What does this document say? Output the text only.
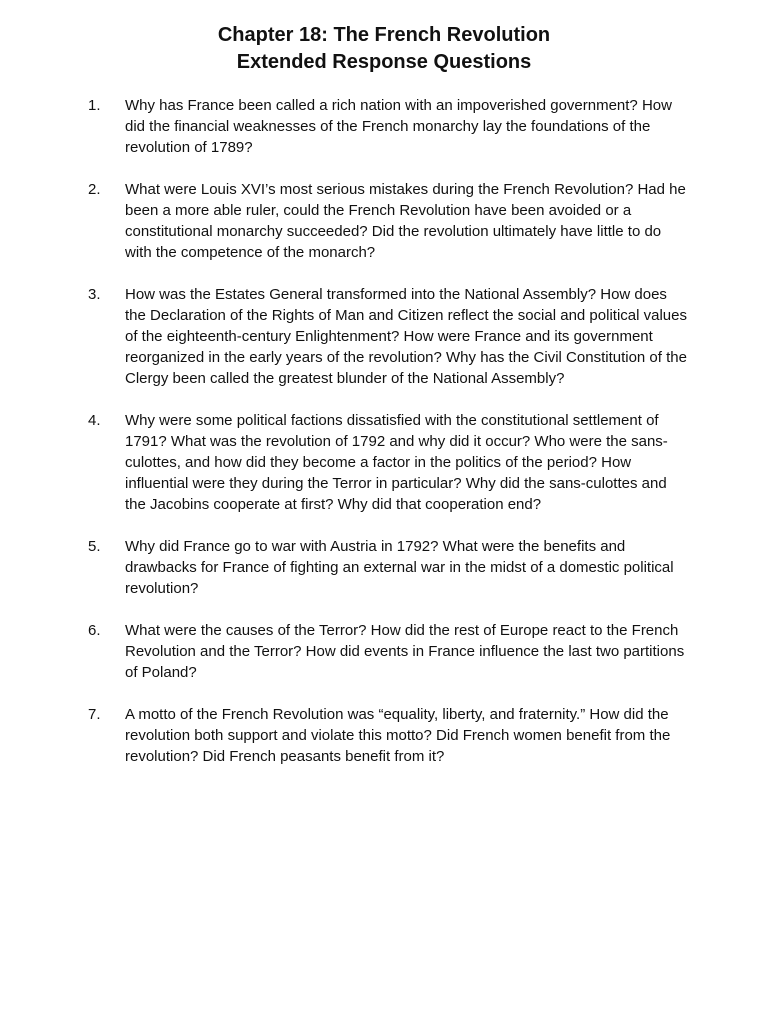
Chapter 18: The French Revolution
Extended Response Questions
1. Why has France been called a rich nation with an impoverished government? How did the financial weaknesses of the French monarchy lay the foundations of the revolution of 1789?
2. What were Louis XVI’s most serious mistakes during the French Revolution? Had he been a more able ruler, could the French Revolution have been avoided or a constitutional monarchy succeeded? Did the revolution ultimately have little to do with the competence of the monarch?
3. How was the Estates General transformed into the National Assembly? How does the Declaration of the Rights of Man and Citizen reflect the social and political values of the eighteenth-century Enlightenment? How were France and its government reorganized in the early years of the revolution? Why has the Civil Constitution of the Clergy been called the greatest blunder of the National Assembly?
4. Why were some political factions dissatisfied with the constitutional settlement of 1791? What was the revolution of 1792 and why did it occur? Who were the sans-culottes, and how did they become a factor in the politics of the period? How influential were they during the Terror in particular? Why did the sans-culottes and the Jacobins cooperate at first? Why did that cooperation end?
5. Why did France go to war with Austria in 1792? What were the benefits and drawbacks for France of fighting an external war in the midst of a domestic political revolution?
6. What were the causes of the Terror? How did the rest of Europe react to the French Revolution and the Terror? How did events in France influence the last two partitions of Poland?
7. A motto of the French Revolution was “equality, liberty, and fraternity.” How did the revolution both support and violate this motto? Did French women benefit from the revolution? Did French peasants benefit from it?
